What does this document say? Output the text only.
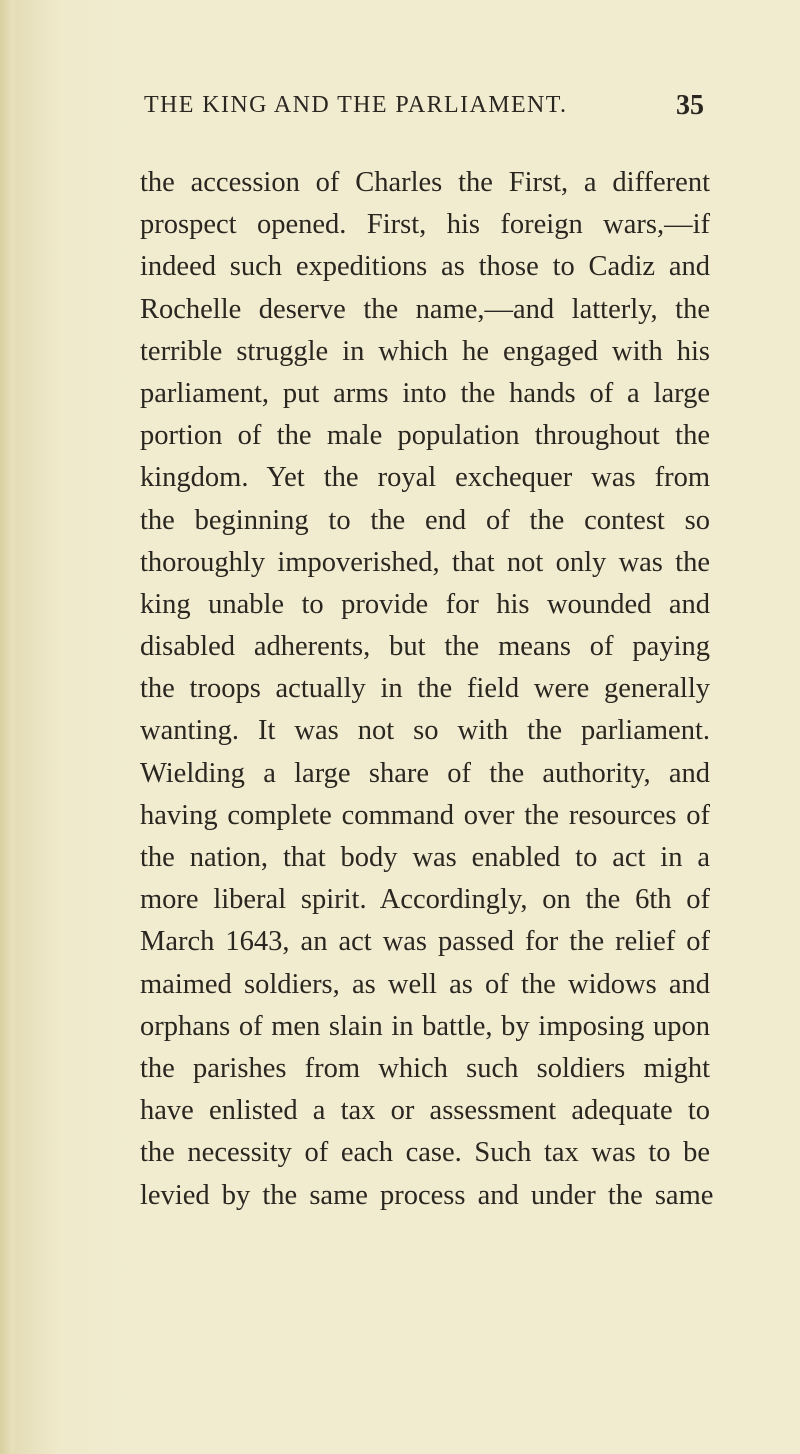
THE KING AND THE PARLIAMENT.	35
the accession of Charles the First, a different
prospect opened. First, his foreign wars,—if
indeed such expeditions as those to Cadiz and
Rochelle deserve the name,—and latterly, the
terrible struggle in which he engaged with his
parliament, put arms into the hands of a large
portion of the male population throughout the
kingdom. Yet the royal exchequer was from
the beginning to the end of the contest so
thoroughly impoverished, that not only was the
king unable to provide for his wounded and
disabled adherents, but the means of paying
the troops actually in the field were generally
wanting. It was not so with the parliament.
Wielding a large share of the authority, and
having complete command over the resources of
the nation, that body was enabled to act in a
more liberal spirit. Accordingly, on the 6th of
March 1643, an act was passed for the relief of
maimed soldiers, as well as of the widows and
orphans of men slain in battle, by imposing upon
the parishes from which such soldiers might
have enlisted a tax or assessment adequate to
the necessity of each case. Such tax was to be
levied by the same process and under the same
